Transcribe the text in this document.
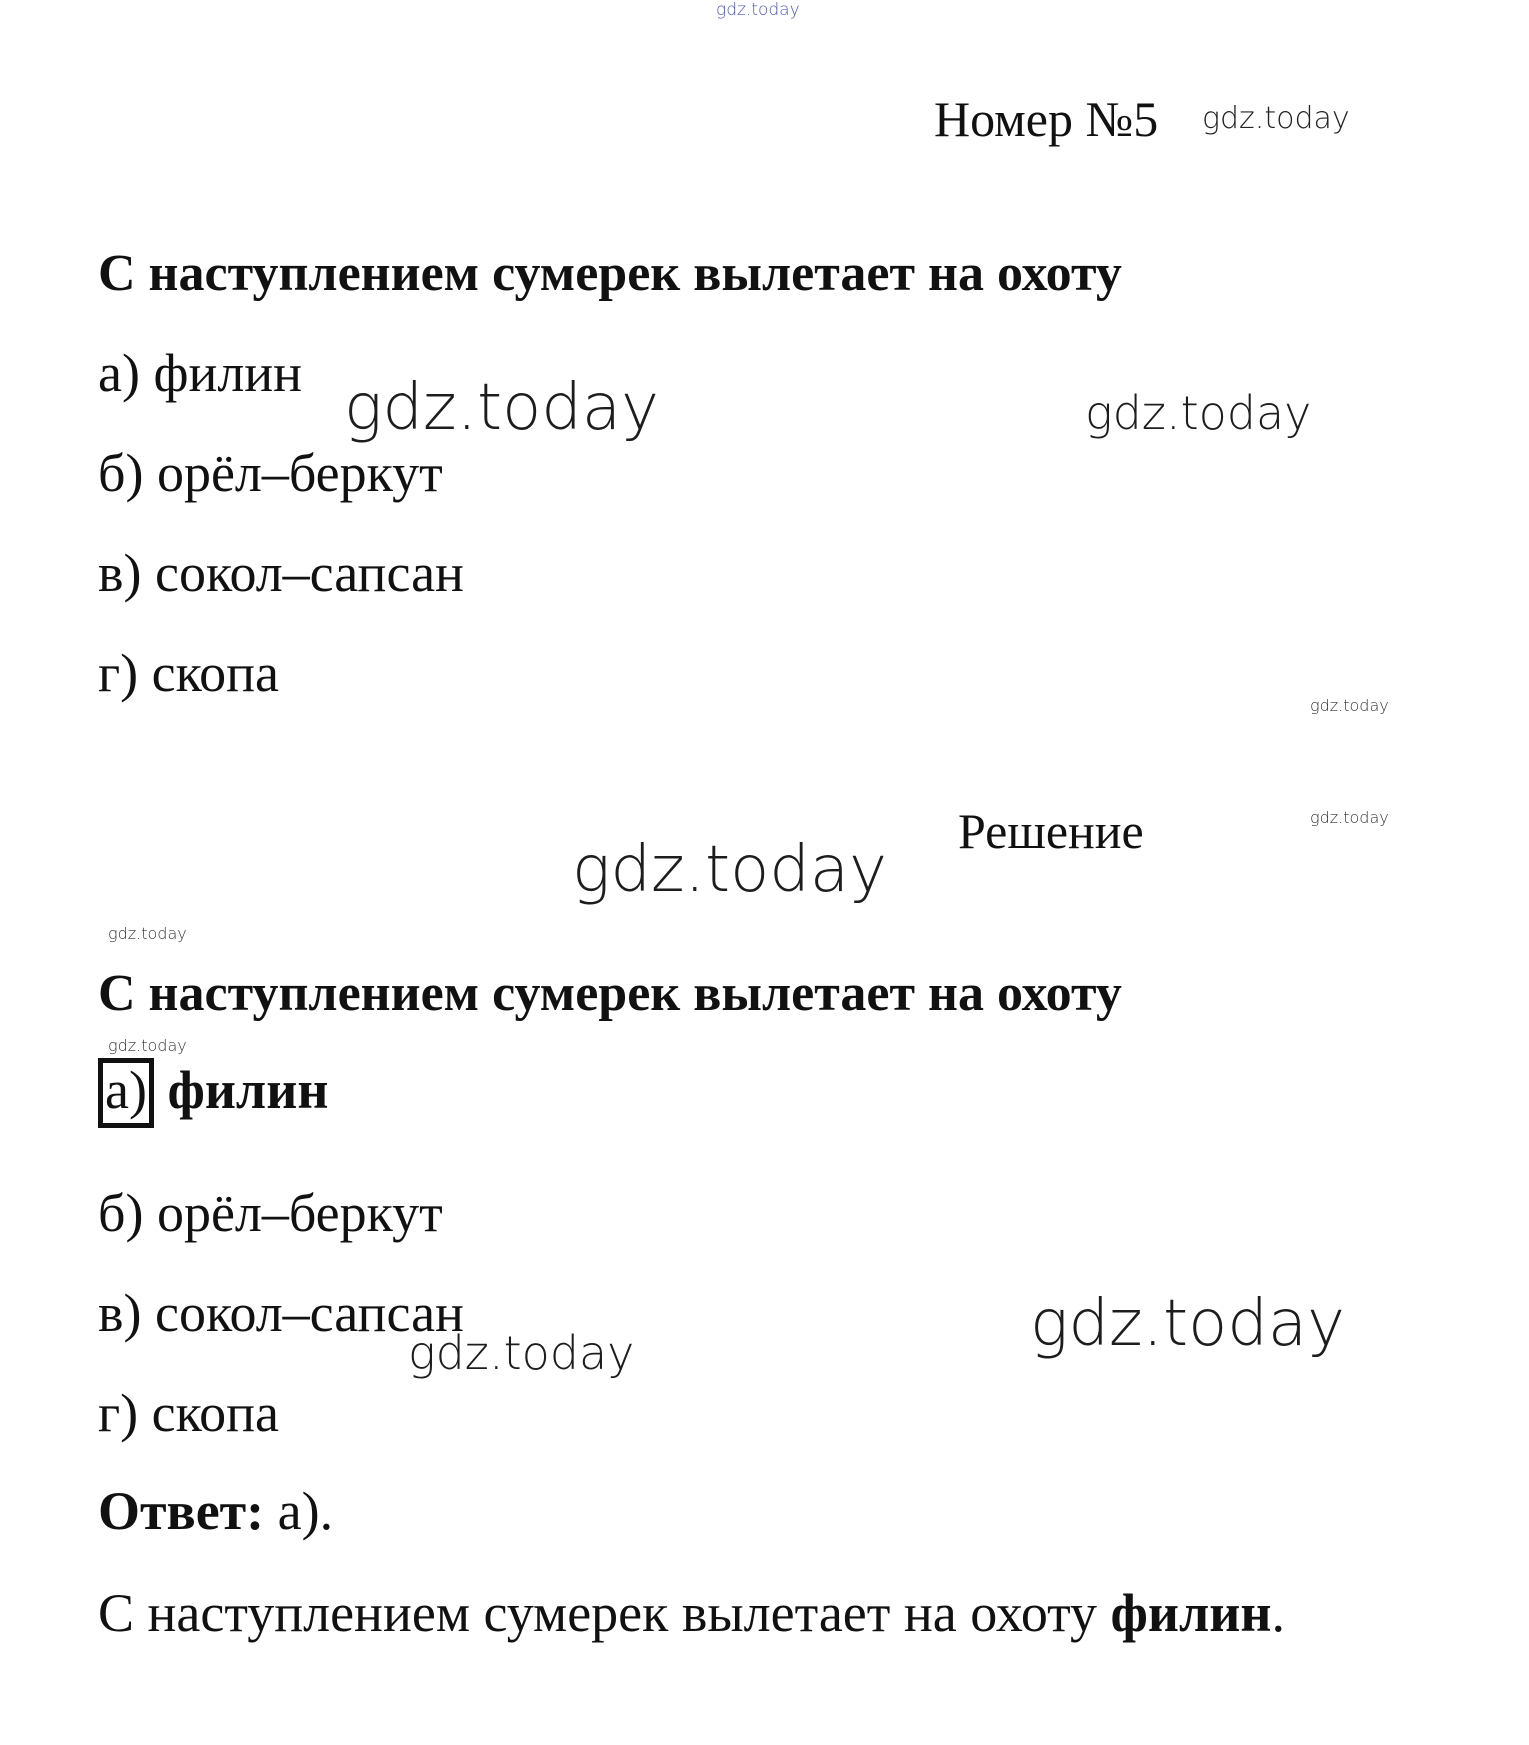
gdz.today
gdz.today
gdz.today	gdz.today
gdz.today
gdz.today
gdz.today
gdz.today
gdz.today
gdz.today
gdz.today
Номер №5
С наступлением сумерек вылетает на охоту
а) филин
б) орёл–беркут
в) сокол–сапсан
г) скопа
Решение
С наступлением сумерек вылетает на охоту
а) филин
б) орёл–беркут
в) сокол–сапсан
г) скопа
Ответ: а).
С наступлением сумерек вылетает на охоту филин.
